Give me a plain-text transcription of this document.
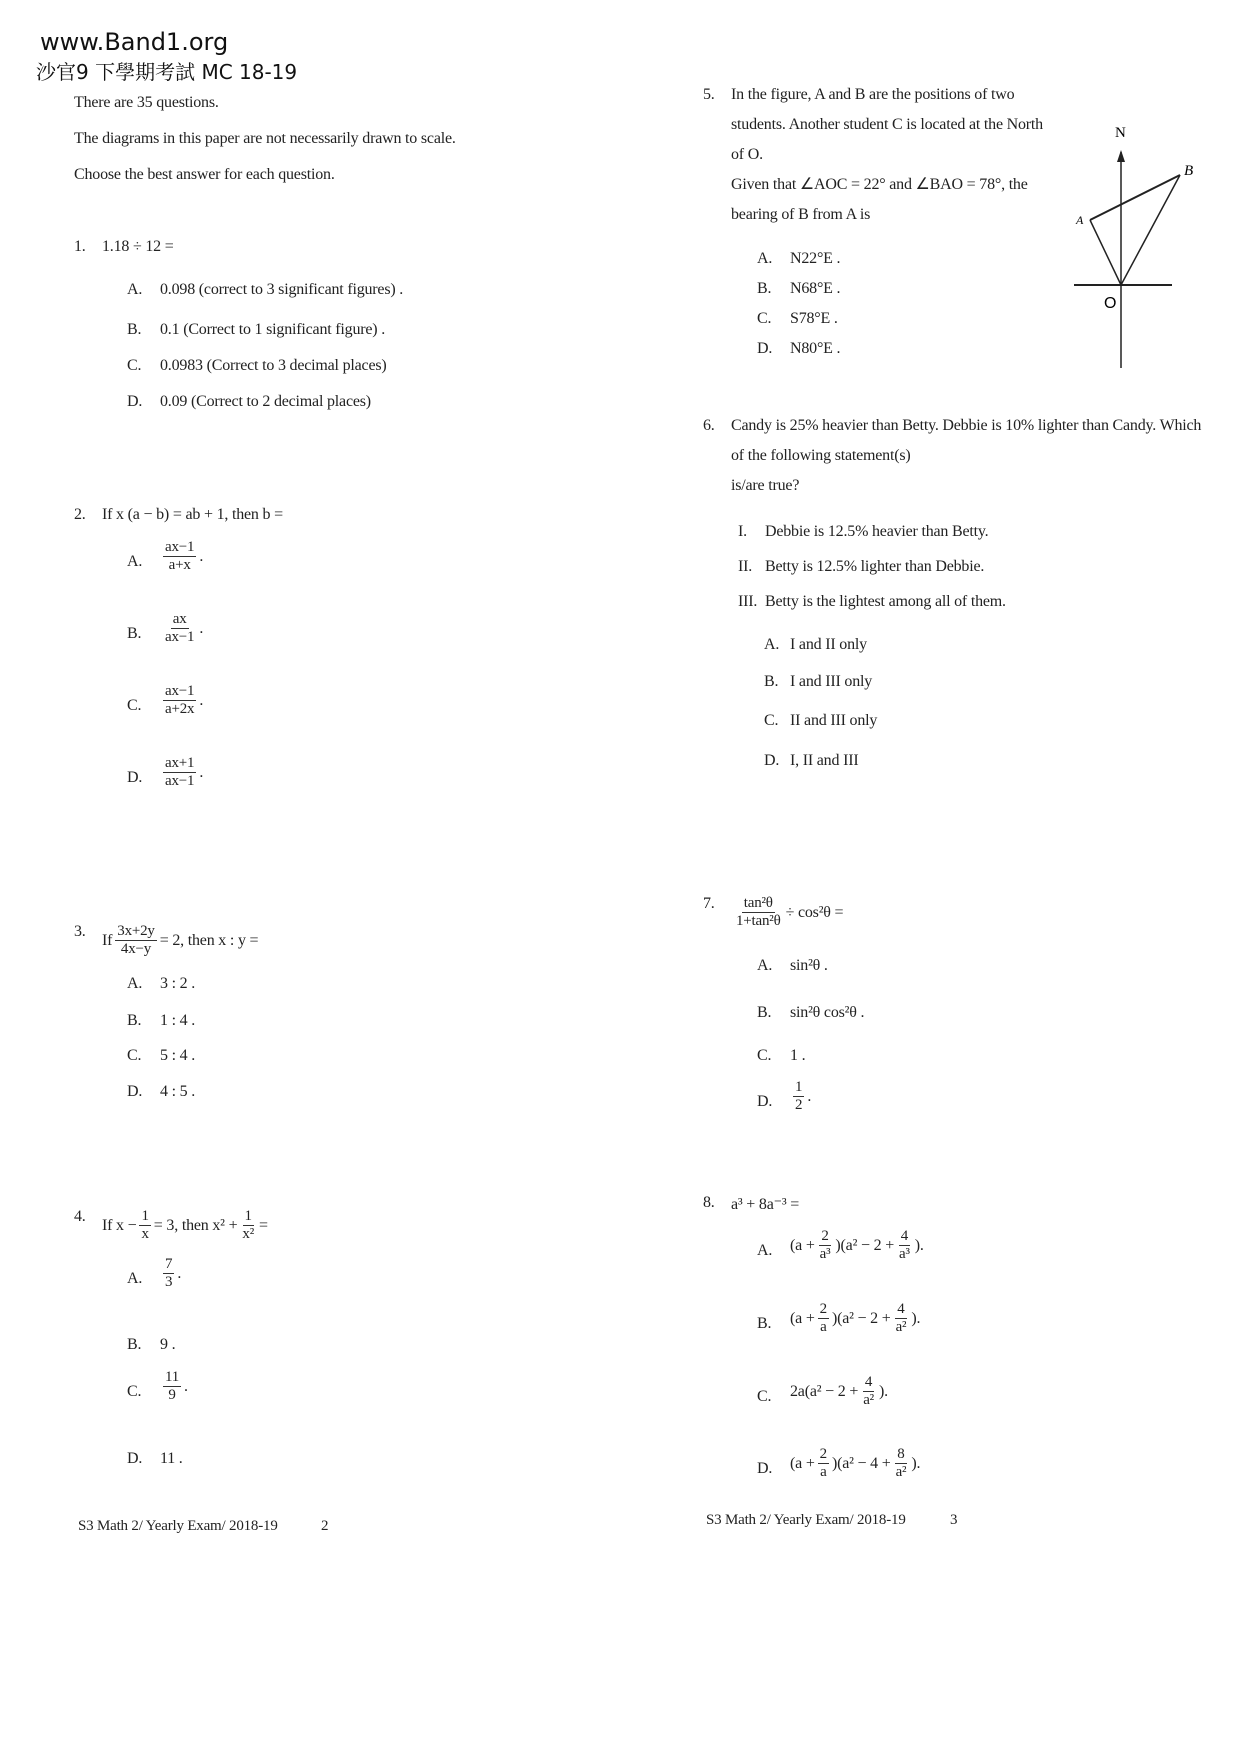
www.Band1.org
沙官9 下學期考試 MC 18-19
There are 35 questions.
The diagrams in this paper are not necessarily drawn to scale.
Choose the best answer for each question.
1. 1.18 ÷ 12 =
A. 0.098 (correct to 3 significant figures) .
B. 0.1 (Correct to 1 significant figure) .
C. 0.0983 (Correct to 3 decimal places)
D. 0.09 (Correct to 2 decimal places)
2. If x (a − b) = ab + 1, then b =
A. $\frac{ax-1}{a+x}$ .
B. $\frac{ax}{ax-1}$ .
C. $\frac{ax-1}{a+2x}$ .
D. $\frac{ax+1}{ax-1}$ .
3.
If $\frac{3x+2y}{4x-y} = 2$, then x : y =
A. 3 : 2 .
B. 1 : 4 .
C. 5 : 4 .
D. 4 : 5 .
4.
If $x - \frac{1}{x} = 3$, then $x^2 + \frac{1}{\text{x²}}$ =
A. $\frac{7}{3}$ .
B. 9 .
C. $\frac{11}{9}$ .
D. 11 .
5. In the figure, A and B are the positions of two students. Another student C is located at the North of O.
Given that ∠AOC = 22° and ∠BAO = 78°, the bearing of B from A is
A. N22°E .
B. N68°E .
C. S78°E .
D. N80°E .
6. Candy is 25% heavier than Betty. Debbie is 10% lighter than Candy. Which of the following statement(s)
is/are true?
I. Debbie is 12.5% heavier than Betty.
II. Betty is 12.5% lighter than Debbie.
III. Betty is the lightest among all of them.
A. I and II only
B. I and III only
C. II and III only
D. I, II and III
7. $\frac{\text{tan²θ}}{\text{1+tan²θ}} \div \cos^2\theta$ =
A. sin²θ .
B. sin²θ cos²θ .
C. 1 .
D. $\frac{1}{2}$ .
8. a³ + 8a⁻³ =
A. $(a + \frac{2}{\text{a³}} )(a^2 - 2 + \frac{4}{\text{a³}}$ ).
B. $(a + \frac{2}{a} )(a^2 - 2 + \frac{4}{\text{a²}}$ ).
C. $2a(a^2 - 2 + \frac{4}{\text{a²}}$ ).
D. $(a + \frac{2}{a} )(a^2 - 4 + \frac{8}{\text{a²}}$ ).
N
B
A
O
S3 Math 2/ Yearly Exam/ 2018-19	2	S3 Math 2/ Yearly Exam/ 2018-19	3
